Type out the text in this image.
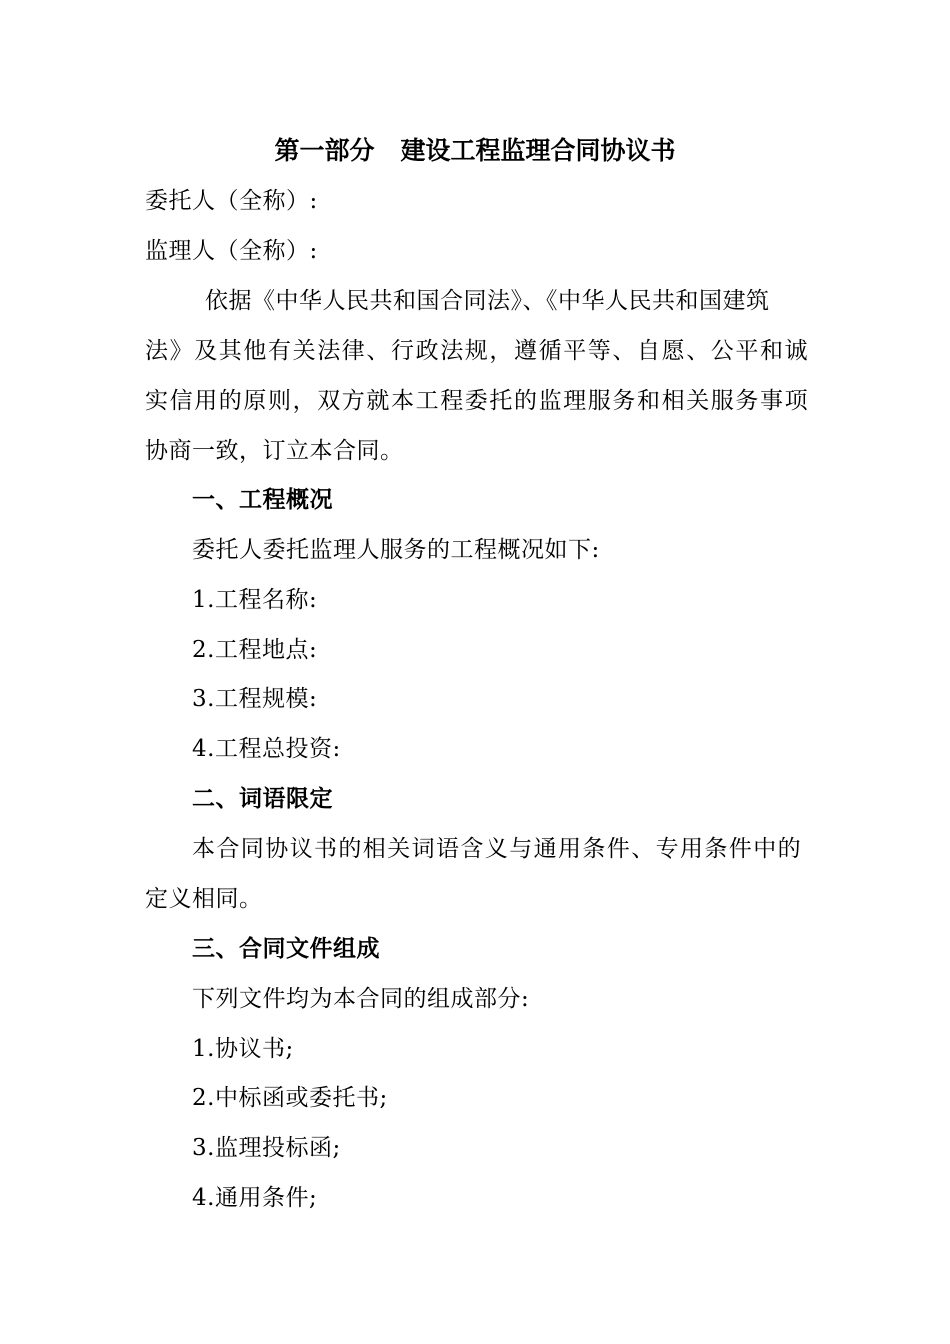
第一部分   建设工程监理合同协议书
委托人（全称）:
监理人（全称）:
依据《中华人民共和国合同法》、《中华人民共和国建筑
法》及其他有关法律、行政法规，遵循平等、自愿、公平和诚
实信用的原则，双方就本工程委托的监理服务和相关服务事项
协商一致，订立本合同。
一、工程概况
委托人委托监理人服务的工程概况如下:
1.工程名称:
2.工程地点:
3.工程规模:
4.工程总投资:
二、词语限定
本合同协议书的相关词语含义与通用条件、专用条件中的
定义相同。
三、合同文件组成
下列文件均为本合同的组成部分:
1.协议书;
2.中标函或委托书;
3.监理投标函;
4.通用条件;
